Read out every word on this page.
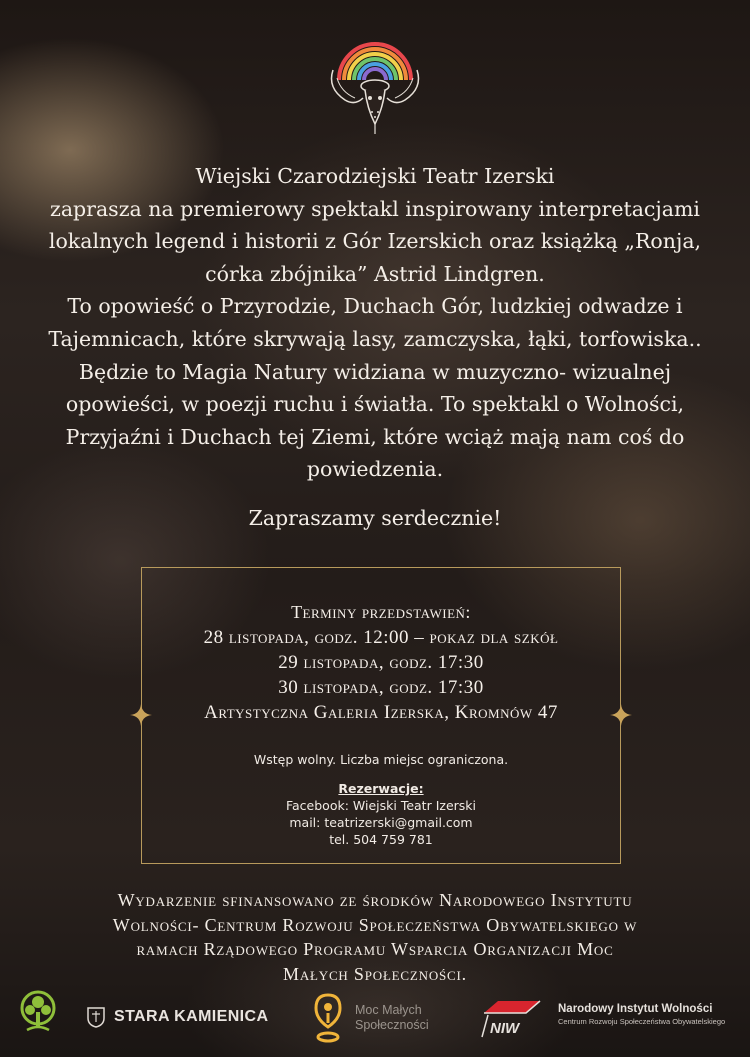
Wiejski Czarodziejski Teatr Izerski
zaprasza na premierowy spektakl inspirowany interpretacjami
lokalnych legend i historii z Gór Izerskich oraz książką „Ronja,
córka zbójnika” Astrid Lindgren.
To opowieść o Przyrodzie, Duchach Gór, ludzkiej odwadze i
Tajemnicach, które skrywają lasy, zamczyska, łąki, torfowiska..
Będzie to Magia Natury widziana w muzyczno- wizualnej
opowieści, w poezji ruchu i światła. To spektakl o Wolności,
Przyjaźni i Duchach tej Ziemi, które wciąż mają nam coś do
powiedzenia.
Zapraszamy serdecznie!
Terminy przedstawień:
28 listopada, godz. 12:00 – pokaz dla szkół
29 listopada, godz. 17:30
30 listopada, godz. 17:30
Artystyczna Galeria Izerska, Kromnów 47
Wstęp wolny. Liczba miejsc ograniczona.
Rezerwacje:
Facebook: Wiejski Teatr Izerski
mail: teatrizerski@gmail.com
tel. 504 759 781
Wydarzenie sfinansowano ze środków Narodowego Instytutu
Wolności- Centrum Rozwoju Społeczeństwa Obywatelskiego w
ramach Rządowego Programu Wsparcia Organizacji Moc
Małych Społeczności.
STARA KAMIENICA	Moc Małych
Społeczności	NIW
Narodowy Instytut Wolności
Centrum Rozwoju Społeczeństwa Obywatelskiego
